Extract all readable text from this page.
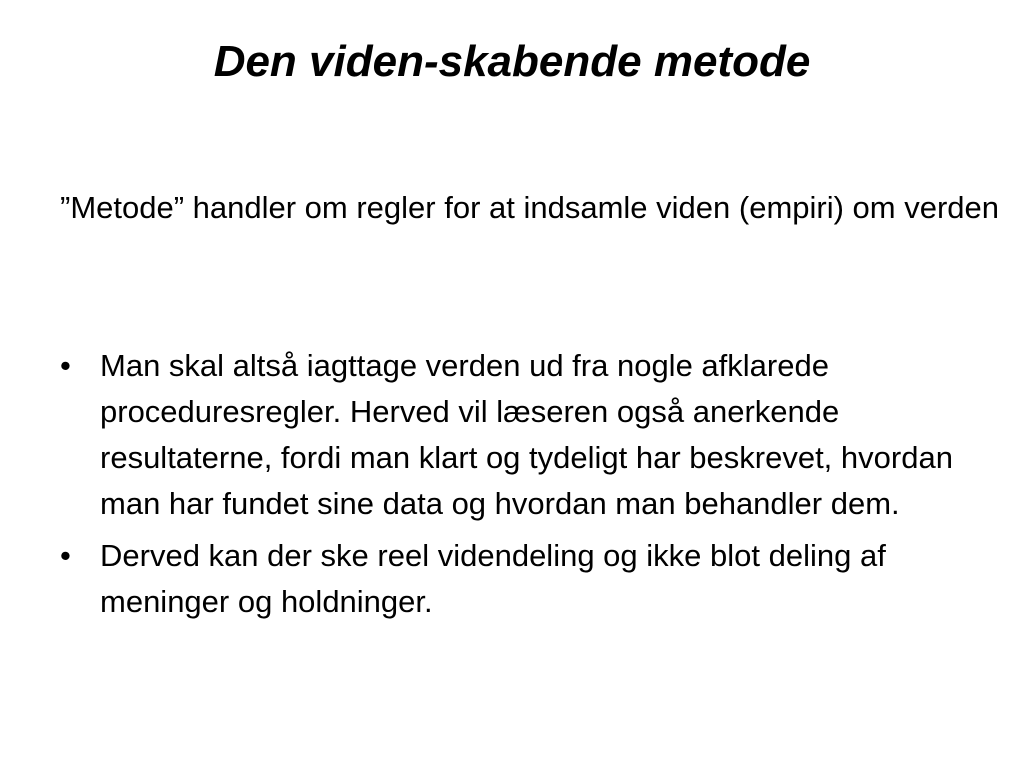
Den viden-skabende metode

”Metode” handler om regler for at indsamle viden (empiri) om verden

• Man skal altså iagttage verden ud fra nogle afklarede proceduresregler. Herved vil læseren også anerkende resultaterne, fordi man klart og tydeligt har beskrevet, hvordan man har fundet sine data og hvordan man behandler dem.
• Derved kan der ske reel videndeling og ikke blot deling af meninger og holdninger.
